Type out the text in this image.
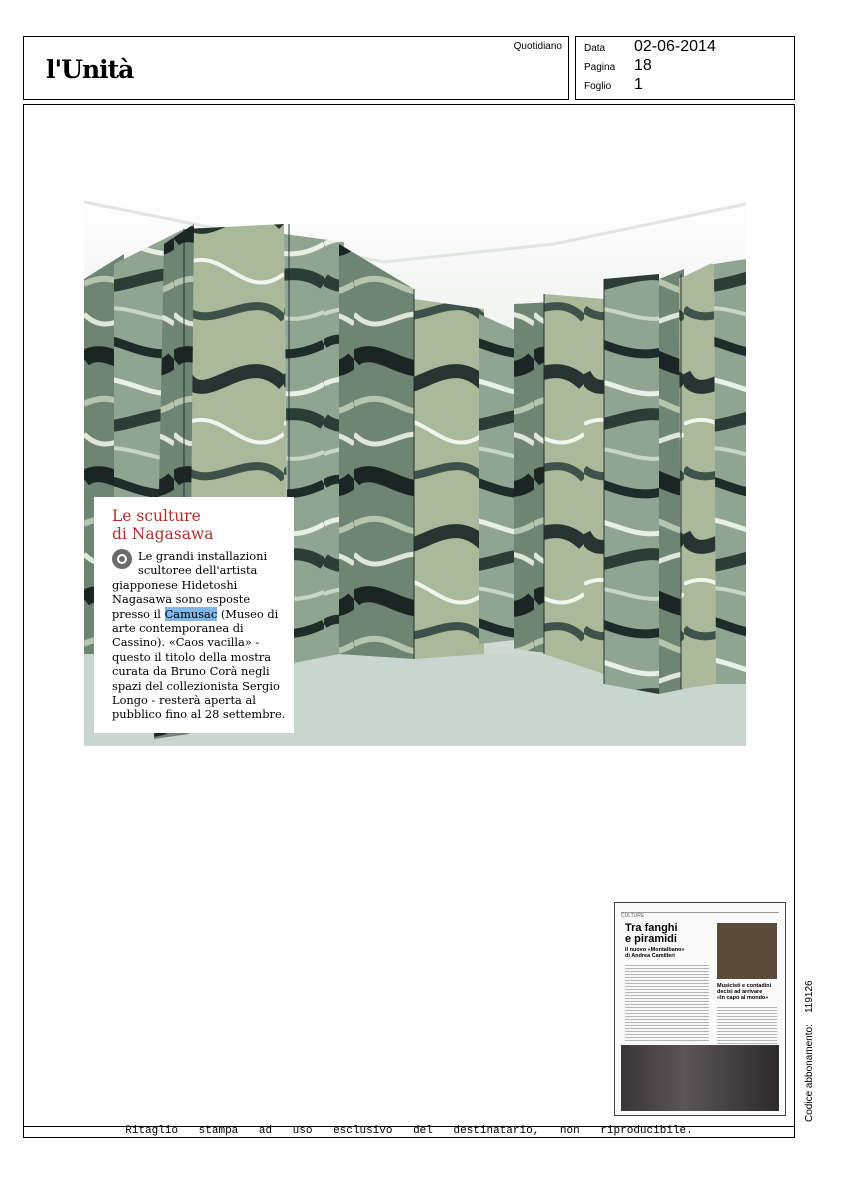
l'Unità
Quotidiano Data 02-06-2014
Pagina 18
Foglio 1
Le sculture
di Nagasawa

Le grandi installazioni scultoree dell'artista giapponese Hidetoshi Nagasawa sono esposte presso il Camusac (Museo di arte contemporanea di Cassino). «Caos vacilla» - questo il titolo della mostra curata da Bruno Corà negli spazi del collezionista Sergio Longo - resterà aperta al pubblico fino al 28 settembre.

CULTURE
Tra fanghi
e piramidi
Il nuovo «Montalbano»
di Andrea Camilleri
Musicisti e contadini
decisi ad arrivare
«In capo al mondo»
Codice abbonamento:    119126
Ritaglio stampa ad uso esclusivo del destinatario, non riproducibile.
